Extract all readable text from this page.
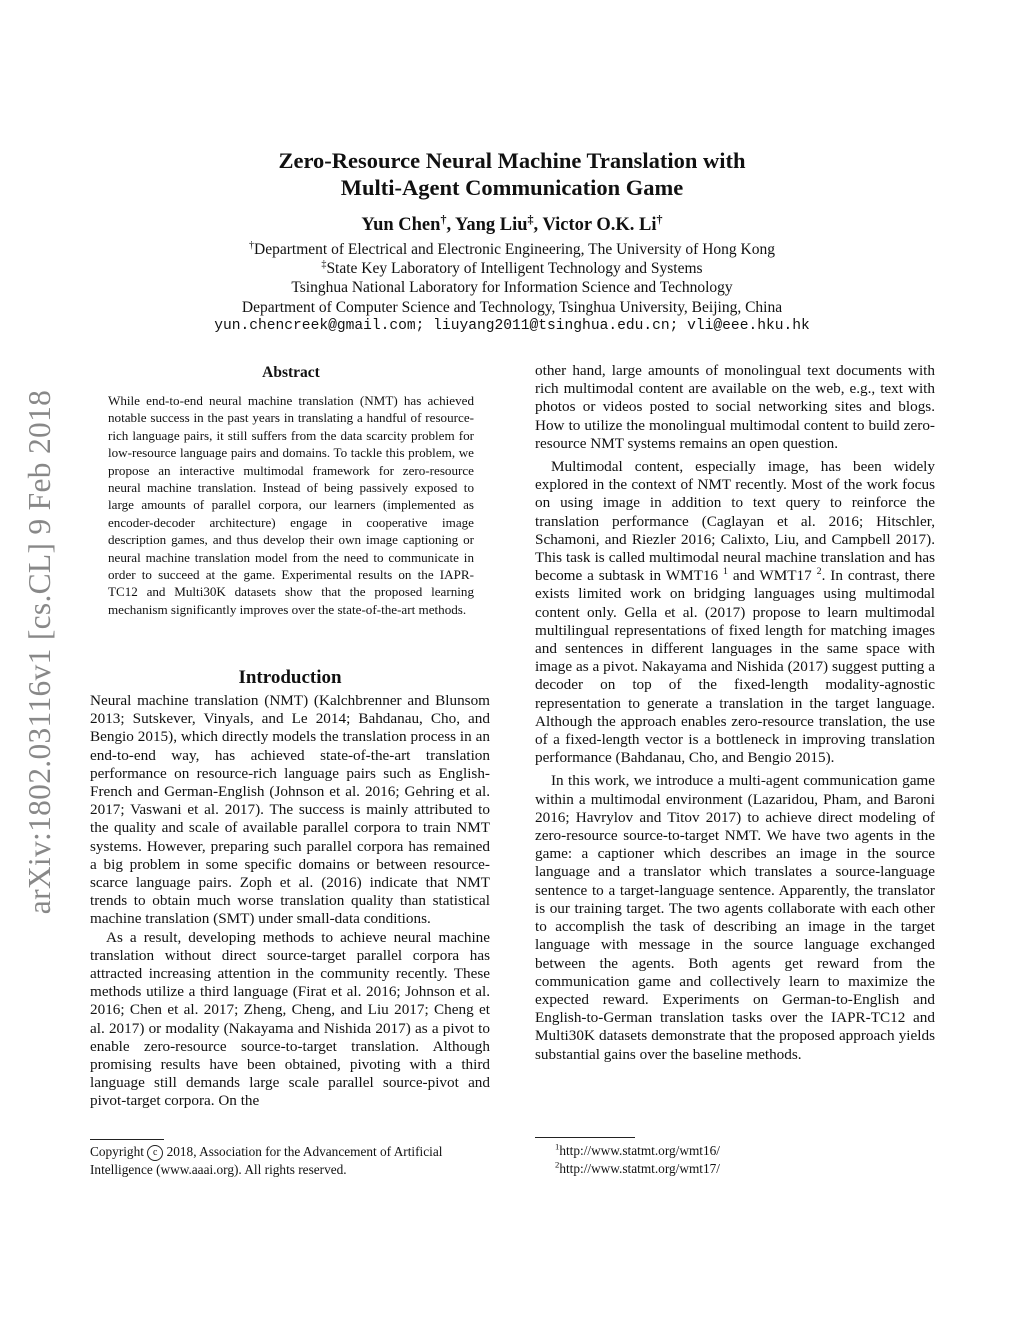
Zero-Resource Neural Machine Translation with
Multi-Agent Communication Game
Yun Chen†, Yang Liu‡, Victor O.K. Li†
†Department of Electrical and Electronic Engineering, The University of Hong Kong
‡State Key Laboratory of Intelligent Technology and Systems
Tsinghua National Laboratory for Information Science and Technology
Department of Computer Science and Technology, Tsinghua University, Beijing, China
yun.chencreek@gmail.com; liuyang2011@tsinghua.edu.cn; vli@eee.hku.hk
arXiv:1802.03116v1 [cs.CL] 9 Feb 2018
Abstract
While end-to-end neural machine translation (NMT) has achieved notable success in the past years in translating a handful of resource-rich language pairs, it still suffers from the data scarcity problem for low-resource language pairs and domains. To tackle this problem, we propose an interactive multimodal framework for zero-resource neural machine translation. Instead of being passively exposed to large amounts of parallel corpora, our learners (implemented as encoder-decoder architecture) engage in cooperative image description games, and thus develop their own image captioning or neural machine translation model from the need to communicate in order to succeed at the game. Experimental results on the IAPR-TC12 and Multi30K datasets show that the proposed learning mechanism significantly improves over the state-of-the-art methods.
Introduction

Neural machine translation (NMT) (Kalchbrenner and Blunsom 2013; Sutskever, Vinyals, and Le 2014; Bahdanau, Cho, and Bengio 2015), which directly models the translation process in an end-to-end way, has achieved state-of-the-art translation performance on resource-rich language pairs such as English-French and German-English (Johnson et al. 2016; Gehring et al. 2017; Vaswani et al. 2017). The success is mainly attributed to the quality and scale of available parallel corpora to train NMT systems. However, preparing such parallel corpora has remained a big problem in some specific domains or between resource-scarce language pairs. Zoph et al. (2016) indicate that NMT trends to obtain much worse translation quality than statistical machine translation (SMT) under small-data conditions.

As a result, developing methods to achieve neural machine translation without direct source-target parallel corpora has attracted increasing attention in the community recently. These methods utilize a third language (Firat et al. 2016; Johnson et al. 2016; Chen et al. 2017; Zheng, Cheng, and Liu 2017; Cheng et al. 2017) or modality (Nakayama and Nishida 2017) as a pivot to enable zero-resource source-to-target translation. Although promising results have been obtained, pivoting with a third language still demands large scale parallel source-pivot and pivot-target corpora. On the

Copyright c 2018, Association for the Advancement of Artificial Intelligence (www.aaai.org). All rights reserved.

other hand, large amounts of monolingual text documents with rich multimodal content are available on the web, e.g., text with photos or videos posted to social networking sites and blogs. How to utilize the monolingual multimodal content to build zero-resource NMT systems remains an open question.

Multimodal content, especially image, has been widely explored in the context of NMT recently. Most of the work focus on using image in addition to text query to reinforce the translation performance (Caglayan et al. 2016; Hitschler, Schamoni, and Riezler 2016; Calixto, Liu, and Campbell 2017). This task is called multimodal neural machine translation and has become a subtask in WMT16 $^1$ and WMT17 $^2$. In contrast, there exists limited work on bridging languages using multimodal content only. Gella et al. (2017) propose to learn multimodal multilingual representations of fixed length for matching images and sentences in different languages in the same space with image as a pivot. Nakayama and Nishida (2017) suggest putting a decoder on top of the fixed-length modality-agnostic representation to generate a translation in the target language. Although the approach enables zero-resource translation, the use of a fixed-length vector is a bottleneck in improving translation performance (Bahdanau, Cho, and Bengio 2015).

In this work, we introduce a multi-agent communication game within a multimodal environment (Lazaridou, Pham, and Baroni 2016; Havrylov and Titov 2017) to achieve direct modeling of zero-resource source-to-target NMT. We have two agents in the game: a captioner which describes an image in the source language and a translator which translates a source-language sentence to a target-language sentence. Apparently, the translator is our training target. The two agents collaborate with each other to accomplish the task of describing an image in the target language with message in the source language exchanged between the agents. Both agents get reward from the communication game and collectively learn to maximize the expected reward. Experiments on German-to-English and English-to-German translation tasks over the IAPR-TC12 and Multi30K datasets demonstrate that the proposed approach yields substantial gains over the baseline methods.

$^1$http://www.statmt.org/wmt16/
$^2$http://www.statmt.org/wmt17/
